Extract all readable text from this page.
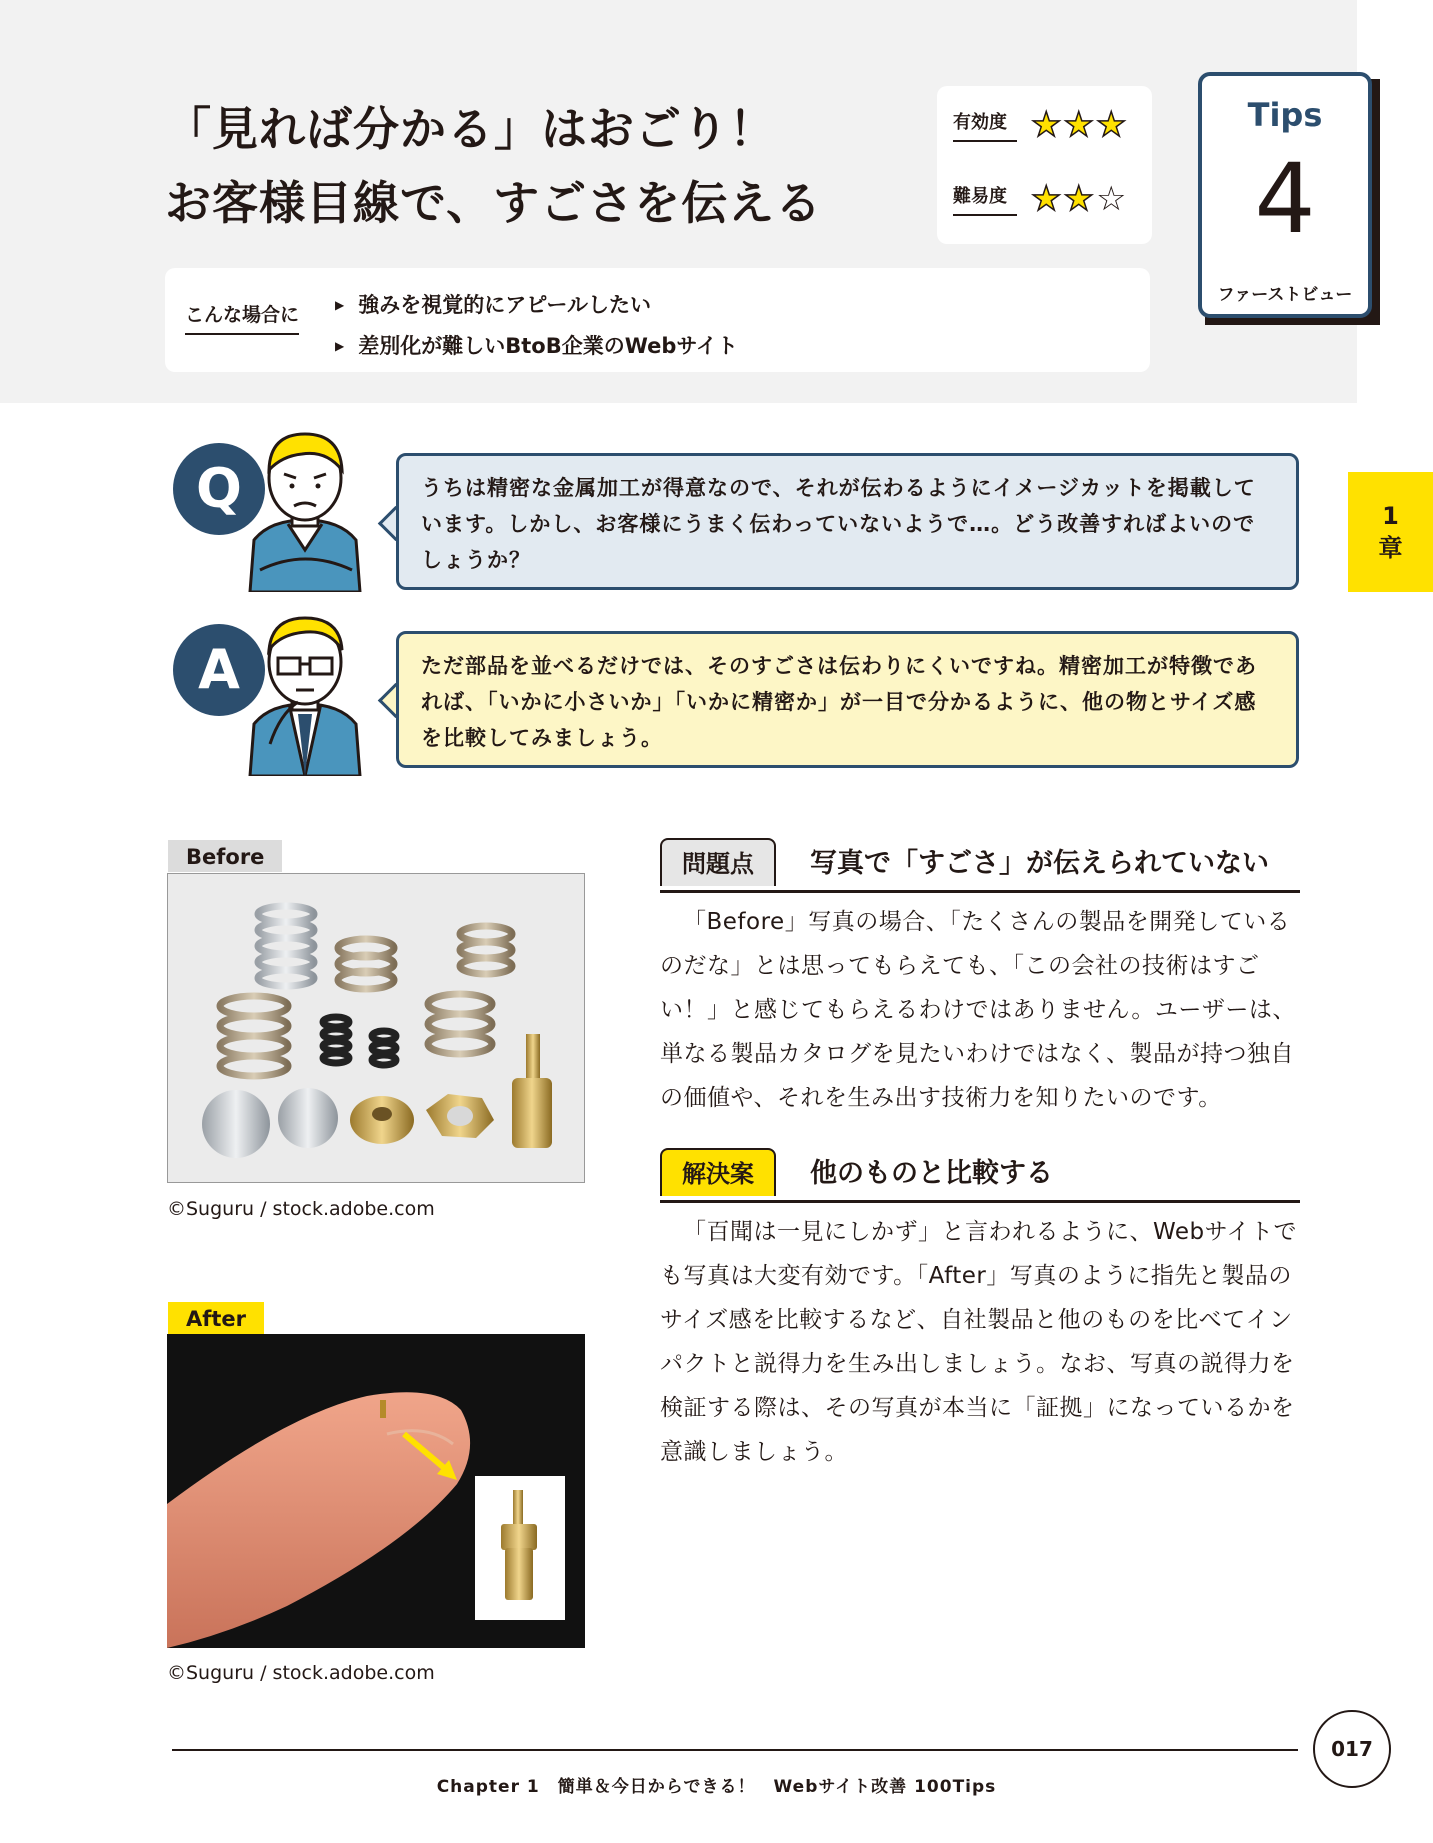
「見れば分かる」はおごり！
お客様目線で、すごさを伝える
有効度 ★ ★ ★
難易度 ★ ★ ☆
Tips
4
ファーストビュー
こんな場合に
▶	強みを視覚的にアピールしたい
▶ 差別化が難しいBtoB企業のWebサイト
1
章
Q	うちは精密な金属加工が得意なので、それが伝わるようにイメージカットを掲載しています。しかし、お客様にうまく伝わっていないようで…。どう改善すればよいのでしょうか？
A	ただ部品を並べるだけでは、そのすごさは伝わりにくいですね。精密加工が特徴であれば、「いかに小さいか」「いかに精密か」が一目で分かるように、他の物とサイズ感を比較してみましょう。
Before
©Suguru / stock.adobe.com
After
©Suguru / stock.adobe.com
問題点	写真で「すごさ」が伝えられていない

「Before」写真の場合、「たくさんの製品を開発しているのだな」とは思ってもらえても、「この会社の技術はすごい！」と感じてもらえるわけではありません。ユーザーは、単なる製品カタログを見たいわけではなく、製品が持つ独自の価値や、それを生み出す技術力を知りたいのです。

解決案	他のものと比較する

「百聞は一見にしかず」と言われるように、Webサイトでも写真は大変有効です。「After」写真のように指先と製品のサイズ感を比較するなど、自社製品と他のものを比べてインパクトと説得力を生み出しましょう。なお、写真の説得力を検証する際は、その写真が本当に「証拠」になっているかを意識しましょう。

017
Chapter 1　簡単＆今日からできる！　Webサイト改善 100Tips
